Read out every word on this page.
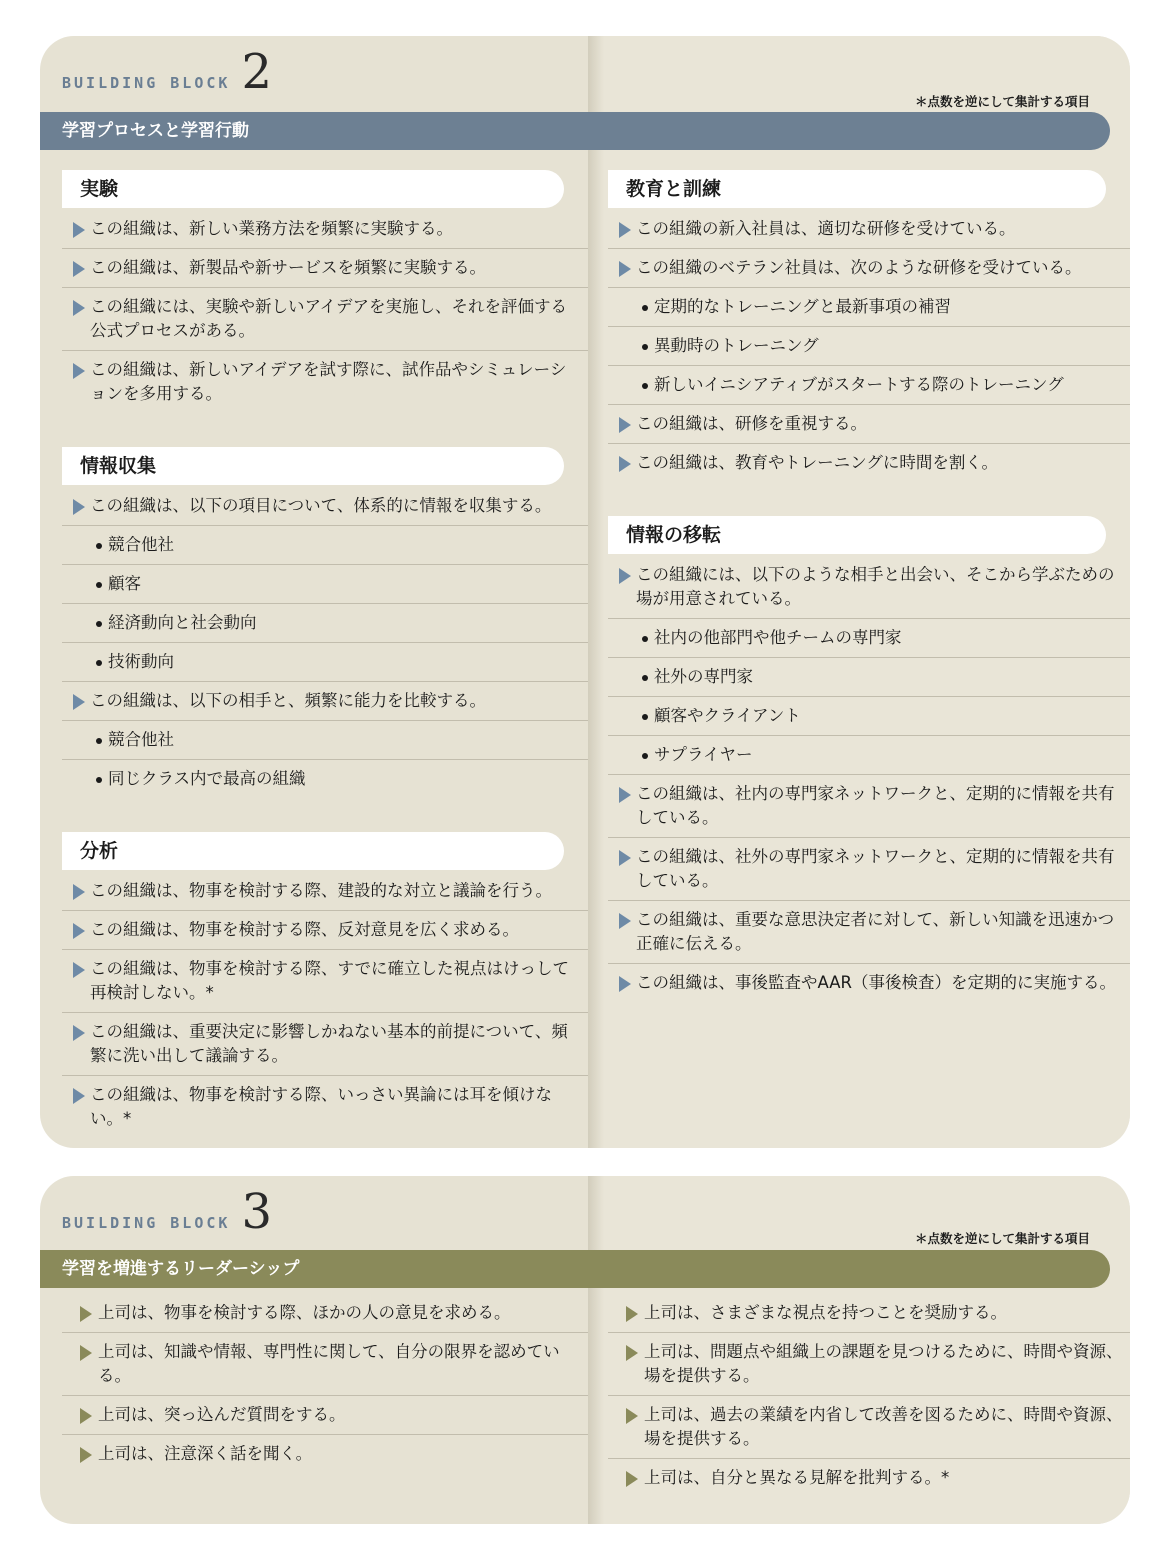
BUILDING BLOCK 2
＊点数を逆にして集計する項目
学習プロセスと学習行動
実験
この組織は、新しい業務方法を頻繁に実験する。
この組織は、新製品や新サービスを頻繁に実験する。
この組織には、実験や新しいアイデアを実施し、それを評価する公式プロセスがある。
この組織は、新しいアイデアを試す際に、試作品やシミュレーションを多用する。
情報収集
この組織は、以下の項目について、体系的に情報を収集する。
競合他社
顧客
経済動向と社会動向
技術動向
この組織は、以下の相手と、頻繁に能力を比較する。
競合他社
同じクラス内で最高の組織
分析
この組織は、物事を検討する際、建設的な対立と議論を行う。
この組織は、物事を検討する際、反対意見を広く求める。
この組織は、物事を検討する際、すでに確立した視点はけっして再検討しない。*
この組織は、重要決定に影響しかねない基本的前提について、頻繁に洗い出して議論する。
この組織は、物事を検討する際、いっさい異論には耳を傾けない。*
教育と訓練
この組織の新入社員は、適切な研修を受けている。
この組織のベテラン社員は、次のような研修を受けている。
定期的なトレーニングと最新事項の補習
異動時のトレーニング
新しいイニシアティブがスタートする際のトレーニング
この組織は、研修を重視する。
この組織は、教育やトレーニングに時間を割く。
情報の移転
この組織には、以下のような相手と出会い、そこから学ぶための場が用意されている。
社内の他部門や他チームの専門家
社外の専門家
顧客やクライアント
サプライヤー
この組織は、社内の専門家ネットワークと、定期的に情報を共有している。
この組織は、社外の専門家ネットワークと、定期的に情報を共有している。
この組織は、重要な意思決定者に対して、新しい知識を迅速かつ正確に伝える。
この組織は、事後監査やAAR（事後検査）を定期的に実施する。
BUILDING BLOCK 3	＊点数を逆にして集計する項目
学習を増進するリーダーシップ
上司は、物事を検討する際、ほかの人の意見を求める。
上司は、知識や情報、専門性に関して、自分の限界を認めている。
上司は、突っ込んだ質問をする。
上司は、注意深く話を聞く。
上司は、さまざまな視点を持つことを奨励する。
上司は、問題点や組織上の課題を見つけるために、時間や資源、場を提供する。
上司は、過去の業績を内省して改善を図るために、時間や資源、場を提供する。
上司は、自分と異なる見解を批判する。*
